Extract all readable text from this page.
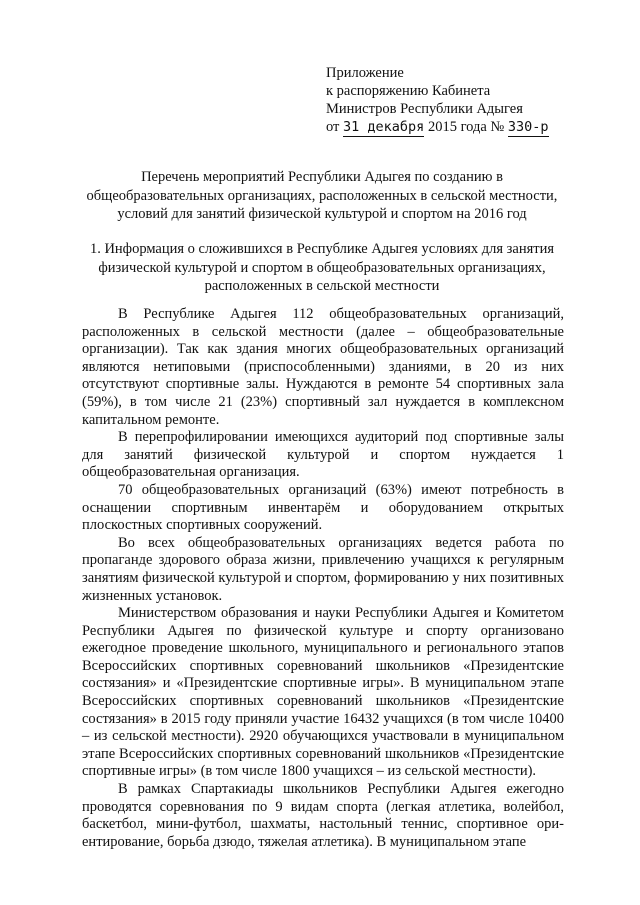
Приложение
к распоряжению Кабинета
Министров Республики Адыгея
от 31 декабря 2015 года № 330-р
Перечень мероприятий Республики Адыгея по созданию в общеобразовательных организациях, расположенных в сельской местности, условий для занятий физической культурой и спортом на 2016 год
1. Информация о сложившихся в Республике Адыгея условиях для занятия физической культурой и спортом в общеобразовательных организациях, расположенных в сельской местности

В Республике Адыгея 112 общеобразовательных организаций, расположенных в сельской местности (далее – общеобразовательные организации). Так как здания многих общеобразовательных организаций являются нетиповыми (приспособленными) зданиями, в 20 из них отсутствуют спортивные залы. Нуждаются в ремонте 54 спортивных зала (59%), в том числе 21 (23%) спортивный зал нуждается в комплексном капитальном ремонте.

В перепрофилировании имеющихся аудиторий под спортивные залы для занятий физической культурой и спортом нуждается 1 общеобразовательная организация.

70 общеобразовательных организаций (63%) имеют потребность в оснащении спортивным инвентарём и оборудованием открытых плоскостных спортивных сооружений.

Во всех общеобразовательных организациях ведется работа по пропаганде здорового образа жизни, привлечению учащихся к регулярным занятиям физической культурой и спортом, формированию у них позитивных жизненных установок.

Министерством образования и науки Республики Адыгея и Комитетом Республики Адыгея по физической культуре и спорту организовано ежегодное проведение школьного, муниципального и регионального этапов Всероссийских спортивных соревнований школьников «Президентские состязания» и «Президентские спортивные игры». В муниципальном этапе Всероссийских спортивных соревнований школьников «Президентские состязания» в 2015 году приняли участие 16432 учащихся (в том числе 10400 – из сельской местности). 2920 обучающихся участвовали в муниципальном этапе Всероссийских спортивных соревнований школьников «Президентские спортивные игры» (в том числе 1800 учащихся – из сельской местности).

В рамках Спартакиады школьников Республики Адыгея ежегодно проводятся соревнования по 9 видам спорта (легкая атлетика, волейбол, баскетбол, мини-футбол, шахматы, настольный теннис, спортивное ори-ентирование, борьба дзюдо, тяжелая атлетика). В муниципальном этапе
